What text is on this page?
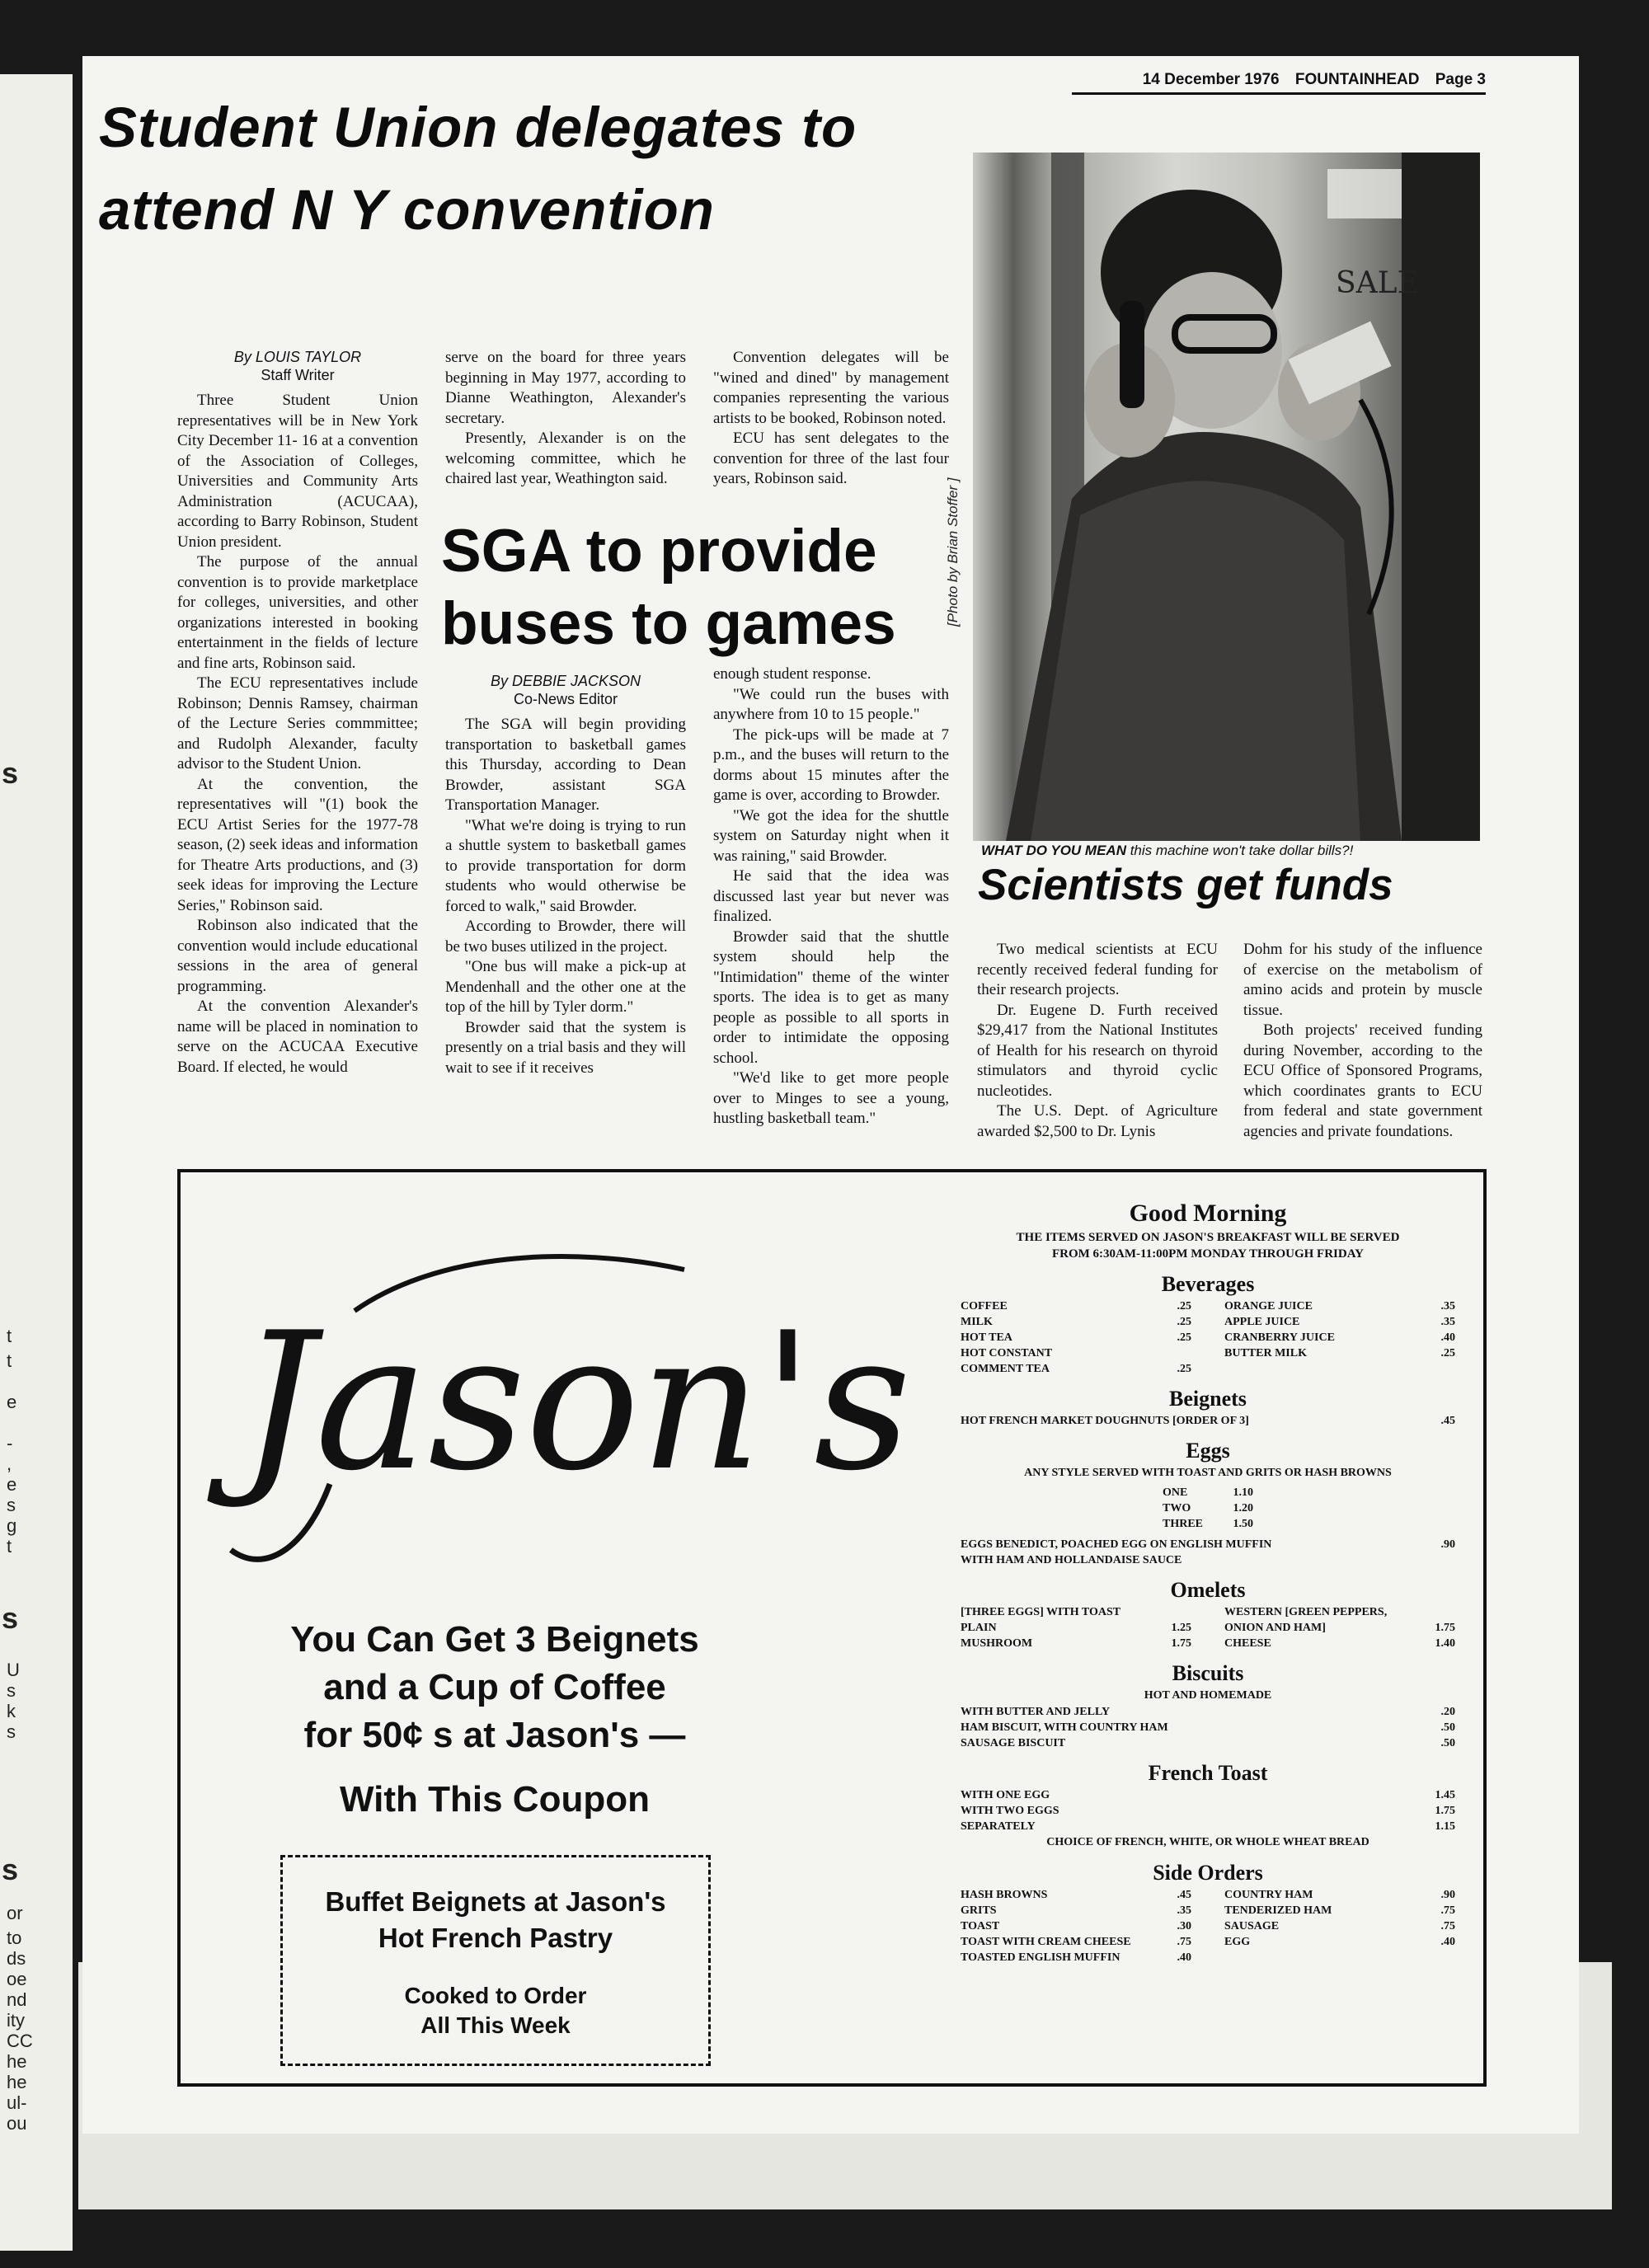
s
t
t
e
-
,
e
s
g
t
s
U
s
k
s
s
or
to
ds
oe
nd
ity
CC
he
he
ul-
ou
14 December 1976 FOUNTAINHEAD Page 3
Student Union delegates to attend N Y convention
By LOUIS TAYLOR
Staff Writer

Three Student Union representatives will be in New York City December 11- 16 at a convention of the Association of Colleges, Universities and Community Arts Administration (ACUCAA), according to Barry Robinson, Student Union president.

The purpose of the annual convention is to provide marketplace for colleges, universities, and other organizations interested in booking entertainment in the fields of lecture and fine arts, Robinson said.

The ECU representatives include Robinson; Dennis Ramsey, chairman of the Lecture Series commmittee; and Rudolph Alexander, faculty advisor to the Student Union.

At the convention, the representatives will "(1) book the ECU Artist Series for the 1977-78 season, (2) seek ideas and information for Theatre Arts productions, and (3) seek ideas for improving the Lecture Series," Robinson said.

Robinson also indicated that the convention would include educational sessions in the area of general programming.

At the convention Alexander's name will be placed in nomination to serve on the ACUCAA Executive Board. If elected, he would

serve on the board for three years beginning in May 1977, according to Dianne Weathington, Alexander's secretary.

Presently, Alexander is on the welcoming committee, which he chaired last year, Weathington said.

Convention delegates will be "wined and dined" by management companies representing the various artists to be booked, Robinson noted.

ECU has sent delegates to the convention for three of the last four years, Robinson said.

SGA to provide buses to games
By DEBBIE JACKSON
Co-News Editor

The SGA will begin providing transportation to basketball games this Thursday, according to Dean Browder, assistant SGA Transportation Manager.

"What we're doing is trying to run a shuttle system to basketball games to provide transportation for dorm students who would otherwise be forced to walk," said Browder.

According to Browder, there will be two buses utilized in the project.

"One bus will make a pick-up at Mendenhall and the other one at the top of the hill by Tyler dorm."

Browder said that the system is presently on a trial basis and they will wait to see if it receives

enough student response.

"We could run the buses with anywhere from 10 to 15 people."

The pick-ups will be made at 7 p.m., and the buses will return to the dorms about 15 minutes after the game is over, according to Browder.

"We got the idea for the shuttle system on Saturday night when it was raining," said Browder.

He said that the idea was discussed last year but never was finalized.

Browder said that the shuttle system should help the "Intimidation" theme of the winter sports. The idea is to get as many people as possible to all sports in order to intimidate the opposing school.

"We'd like to get more people over to Minges to see a young, hustling basketball team."

SALE
[Photo by Brian Stoffer ]
WHAT DO YOU MEAN this machine won't take dollar bills?!
Scientists get funds

Two medical scientists at ECU recently received federal funding for their research projects.

Dr. Eugene D. Furth received $29,417 from the National Institutes of Health for his research on thyroid stimulators and thyroid cyclic nucleotides.

The U.S. Dept. of Agriculture awarded $2,500 to Dr. Lynis

Dohm for his study of the influence of exercise on the metabolism of amino acids and protein by muscle tissue.

Both projects' received funding during November, according to the ECU Office of Sponsored Programs, which coordinates grants to ECU from federal and state government agencies and private foundations.

Jason's
You Can Get 3 Beignets
and a Cup of Coffee
for 50¢ s at Jason's —
With This Coupon
Buffet Beignets at Jason's
Hot French Pastry
Cooked to Order
All This Week
Good Morning
THE ITEMS SERVED ON JASON'S BREAKFAST WILL BE SERVED
FROM 6:30AM-11:00PM MONDAY THROUGH FRIDAY
Beverages
COFFEE	.25
MILK	.25
HOT TEA	.25
HOT CONSTANT
COMMENT TEA	.25
ORANGE JUICE	.35
APPLE JUICE	.35
CRANBERRY JUICE	.40
BUTTER MILK	.25
Beignets
HOT FRENCH MARKET DOUGHNUTS [ORDER OF 3]	.45
Eggs
ANY STYLE SERVED WITH TOAST AND GRITS OR HASH BROWNS
ONE	1.10
TWO	1.20
THREE	1.50
EGGS BENEDICT, POACHED EGG ON ENGLISH MUFFIN
WITH HAM AND HOLLANDAISE SAUCE
.90
Omelets
[THREE EGGS] WITH TOAST
PLAIN	1.25
MUSHROOM	1.75
WESTERN [GREEN PEPPERS,
ONION AND HAM]	1.75
CHEESE	1.40
Biscuits
HOT AND HOMEMADE
WITH BUTTER AND JELLY	.20
HAM BISCUIT, WITH COUNTRY HAM	.50
SAUSAGE BISCUIT	.50
French Toast
WITH ONE EGG	1.45
WITH TWO EGGS	1.75
SEPARATELY	1.15
CHOICE OF FRENCH, WHITE, OR WHOLE WHEAT BREAD
Side Orders
HASH BROWNS	.45
GRITS	.35
TOAST	.30
TOAST WITH CREAM CHEESE	.75
TOASTED ENGLISH MUFFIN	.40
COUNTRY HAM	.90
TENDERIZED HAM	.75
SAUSAGE	.75
EGG	.40
